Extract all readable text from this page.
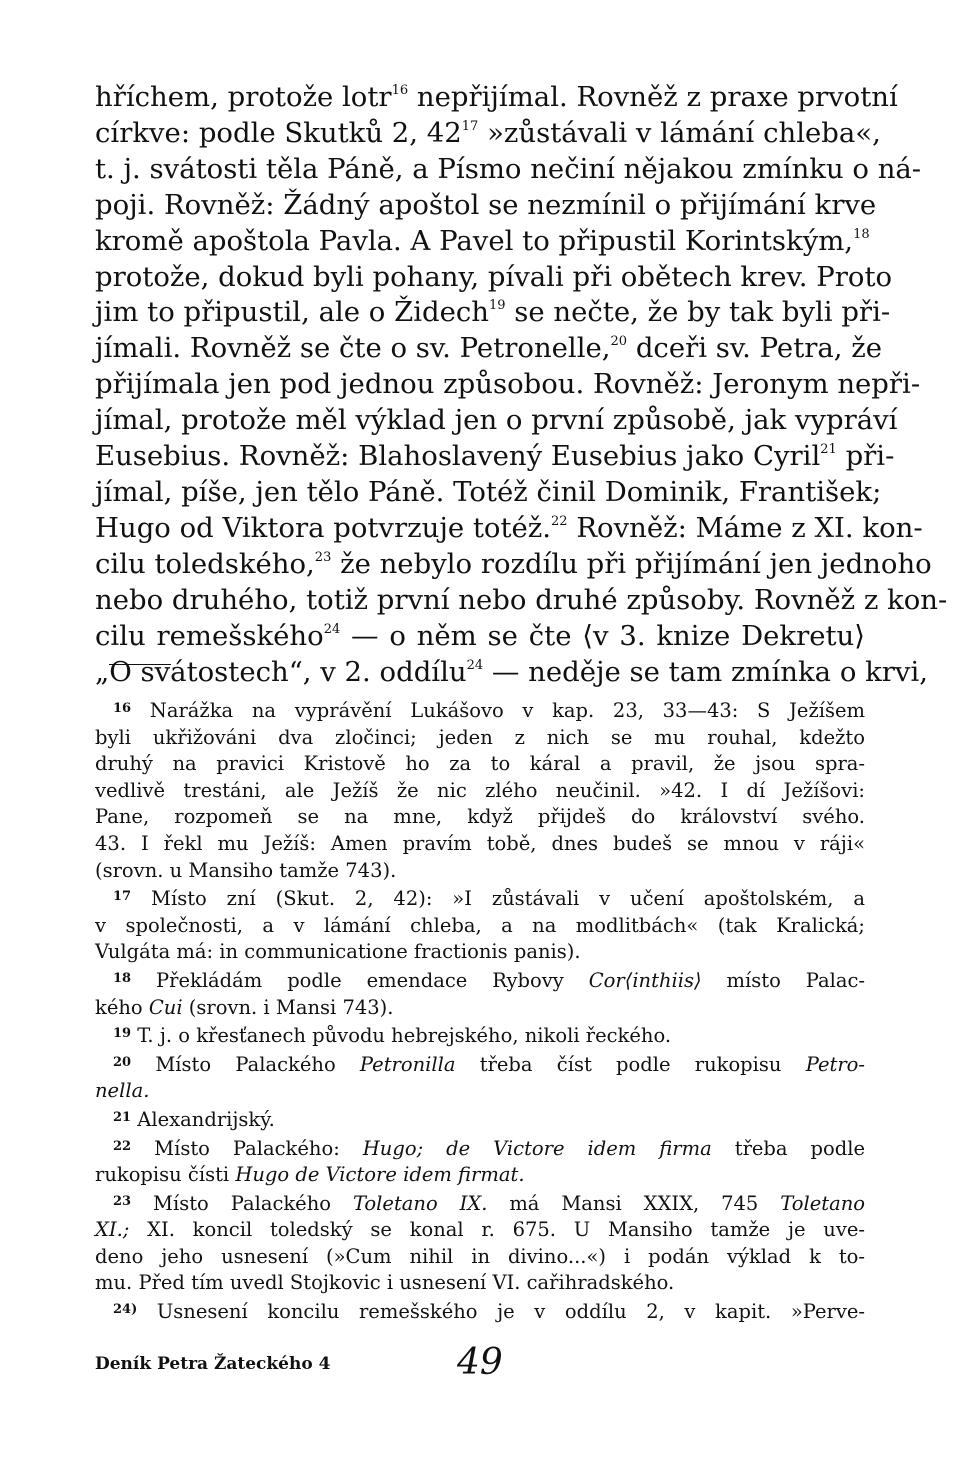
hříchem, protože lotr$^{16}$ nepřijímal. Rovněž z praxe prvotní

církve: podle Skutků 2, $42^{17}$ »zůstávali v lámání chleba«,

t. j. svátosti těla Páně, a Písmo nečiní nějakou zmínku o ná-

poji. Rovněž: Žádný apoštol se nezmínil o přijímání krve

kromě apoštola Pavla. A Pavel to připustil Korintským,$^{18}$

protože, dokud byli pohany, pívali při obětech krev. Proto

jim to připustil, ale o Židech$^{19}$ se nečte, že by tak byli při-

jímali. Rovněž se čte o sv. Petronelle,$^{20}$ dceři sv. Petra, že

přijímala jen pod jednou způsobou. Rovněž: Jeronym nepři-

jímal, protože měl výklad jen o první způsobě, jak vypráví

Eusebius. Rovněž: Blahoslavený Eusebius jako Cyril$^{21}$ při-

jímal, píše, jen tělo Páně. Totéž činil Dominik, František;

Hugo od Viktora potvrzuje totéž.$^{22}$ Rovněž: Máme z XI. kon-

cilu toledského,$^{23}$ že nebylo rozdílu při přijímání jen jednoho

nebo druhého, totiž první nebo druhé způsoby. Rovněž z kon-

cilu remešského$^{24}$ — o něm se čte ⟨v 3. knize Dekretu⟩

„O svátostech“, v 2. oddílu$^{24}$ — neděje se tam zmínka o krvi,

$^{16}$ Narážka na vyprávění Lukášovo v kap. 23, 33—43: S Ježíšem

byli ukřižováni dva zločinci; jeden z nich se mu rouhal, kdežto

druhý na pravici Kristově ho za to káral a pravil, že jsou spra-

vedlivě trestáni, ale Ježíš že nic zlého neučinil. »42. I dí Ježíšovi:

Pane, rozpomeň se na mne, když přijdeš do království svého.

43. I řekl mu Ježíš: Amen pravím tobě, dnes budeš se mnou v ráji«

(srovn. u Mansiho tamže 743).

$^{17}$ Místo zní (Skut. 2, 42): »I zůstávali v učení apoštolském, a

v společnosti, a v lámání chleba, a na modlitbách« (tak Kralická;

Vulgáta má: in communicatione fractionis panis).

$^{18}$ Překládám podle emendace Rybovy Cor⟨inthiis⟩ místo Palac-

kého Cui (srovn. i Mansi 743).

$^{19}$ T. j. o křesťanech původu hebrejského, nikoli řeckého.

$^{20}$ Místo Palackého Petronilla třeba číst podle rukopisu Petro-

nella.

$^{21}$ Alexandrijský.

$^{22}$ Místo Palackého: Hugo; de Victore idem firma třeba podle

rukopisu čísti Hugo de Victore idem firmat.

$^{23}$ Místo Palackého Toletano IX. má Mansi XXIX, 745 Toletano

XI.; XI. koncil toledský se konal r. 675. U Mansiho tamže je uve-

deno jeho usnesení (»Cum nihil in divino...«) i podán výklad k to-

mu. Před tím uvedl Stojkovic i usnesení VI. cařihradského.

$^{24)}$ Usnesení koncilu remešského je v oddílu 2, v kapit. »Perve-

Deník Petra Žateckého 4	49
